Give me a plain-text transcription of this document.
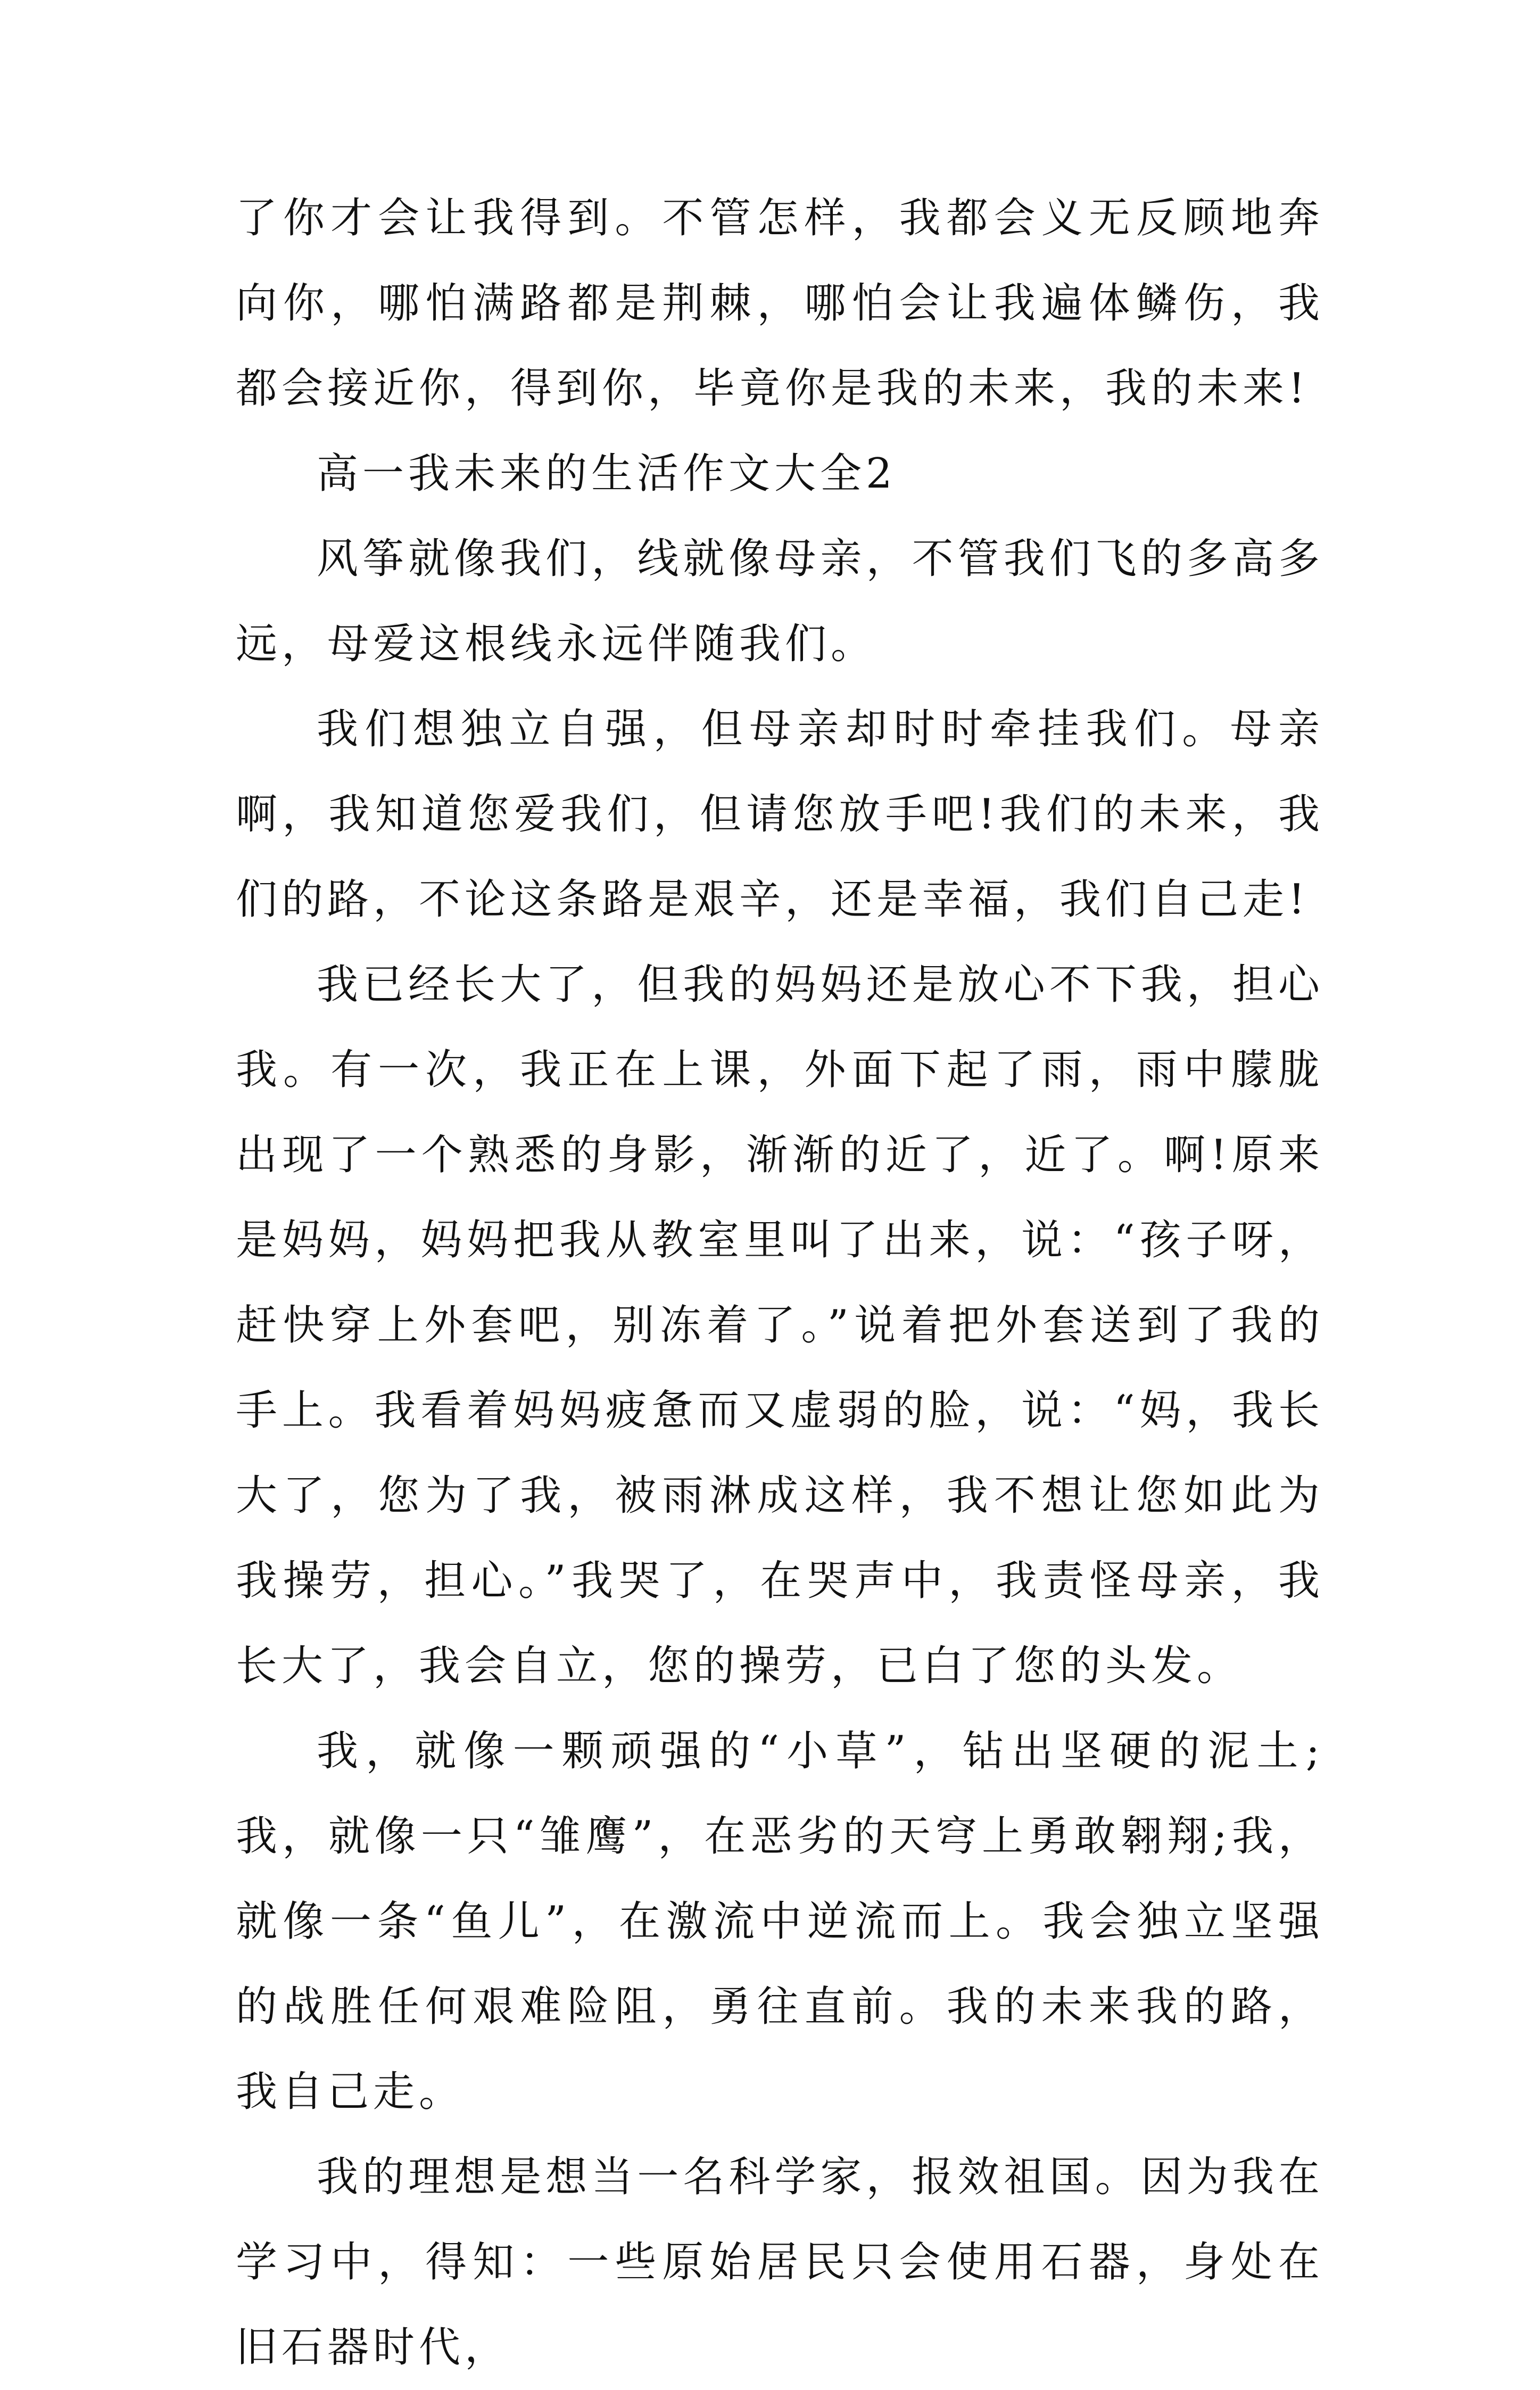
了你才会让我得到。不管怎样，我都会义无反顾地奔向你，哪怕满路都是荆棘，哪怕会让我遍体鳞伤，我都会接近你，得到你，毕竟你是我的未来，我的未来!

高一我未来的生活作文大全2

风筝就像我们，线就像母亲，不管我们飞的多高多远，母爱这根线永远伴随我们。

我们想独立自强，但母亲却时时牵挂我们。母亲啊，我知道您爱我们，但请您放手吧!我们的未来，我们的路，不论这条路是艰辛，还是幸福，我们自己走!

我已经长大了，但我的妈妈还是放心不下我，担心我。有一次，我正在上课，外面下起了雨，雨中朦胧出现了一个熟悉的身影，渐渐的近了，近了。啊!原来是妈妈，妈妈把我从教室里叫了出来，说：“孩子呀，赶快穿上外套吧，别冻着了。”说着把外套送到了我的手上。我看着妈妈疲惫而又虚弱的脸，说：“妈，我长大了，您为了我，被雨淋成这样，我不想让您如此为我操劳，担心。”我哭了，在哭声中，我责怪母亲，我长大了，我会自立，您的操劳，已白了您的头发。

我，就像一颗顽强的“小草”，钻出坚硬的泥土;我，就像一只“雏鹰”，在恶劣的天穹上勇敢翱翔;我，就像一条“鱼儿”，在激流中逆流而上。我会独立坚强的战胜任何艰难险阻，勇往直前。我的未来我的路，我自己走。

我的理想是想当一名科学家，报效祖国。因为我在学习中，得知：一些原始居民只会使用石器，身处在旧石器时代，
